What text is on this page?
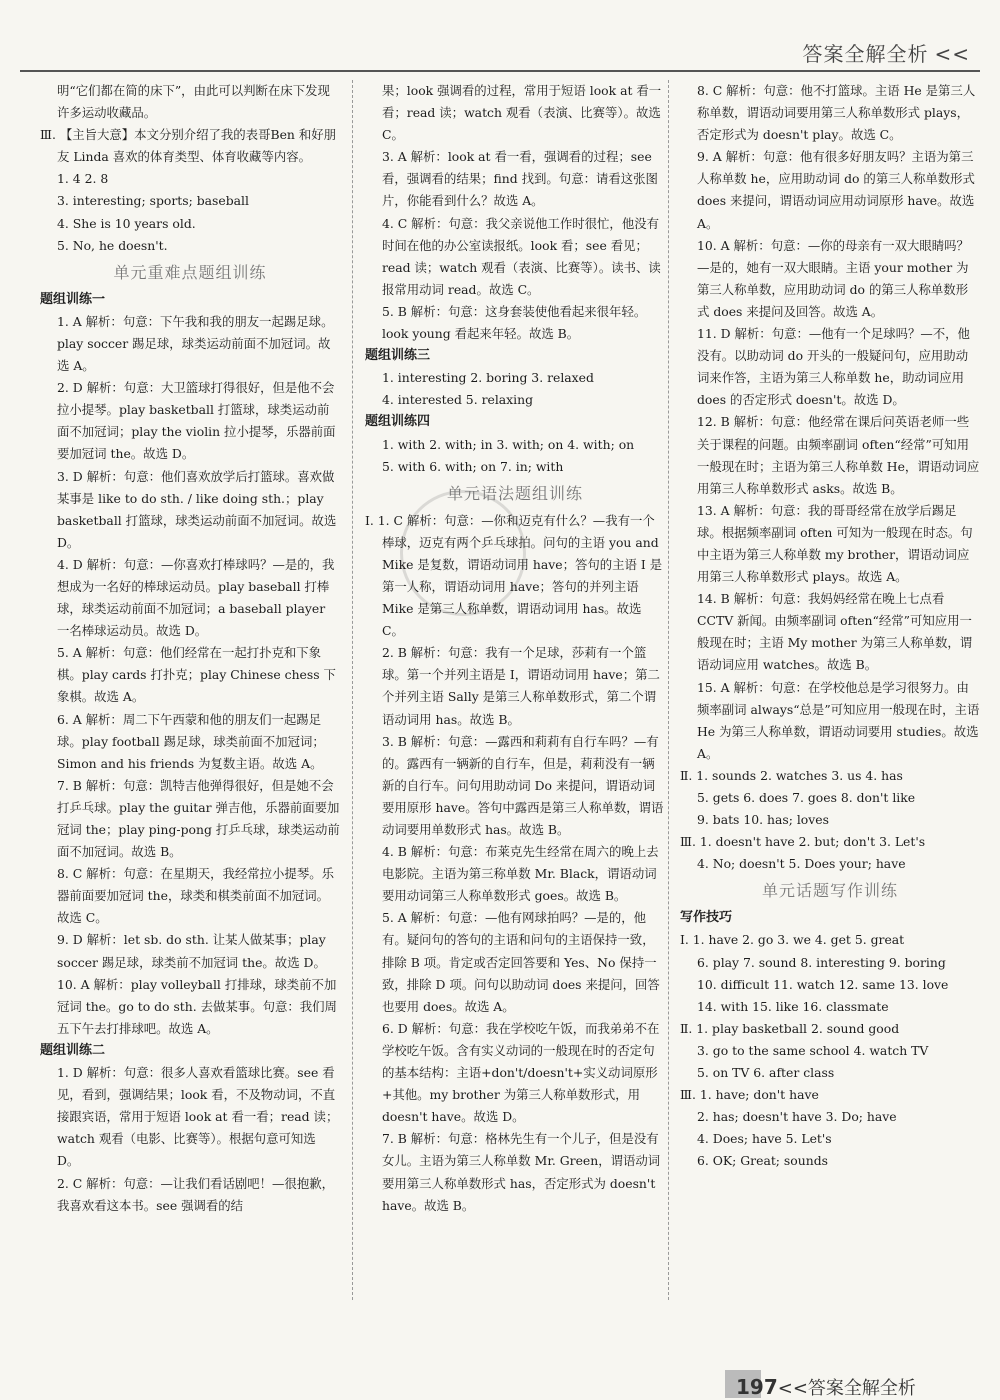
答案全解全析 <<
明“它们都在简的床下”，由此可以判断在床下发现许多运动收藏品。
Ⅲ. 【主旨大意】本文分别介绍了我的表哥Ben 和好朋友 Linda 喜欢的体育类型、体育收藏等内容。
1. 4 2. 8
3. interesting; sports; baseball
4. She is 10 years old.
5. No, he doesn't.
单元重难点题组训练
题组训练一
1. A 解析：句意：下午我和我的朋友一起踢足球。play soccer 踢足球，球类运动前面不加冠词。故选 A。
2. D 解析：句意：大卫篮球打得很好，但是他不会拉小提琴。play basketball 打篮球，球类运动前面不加冠词；play the violin 拉小提琴，乐器前面要加冠词 the。故选 D。
3. D 解析：句意：他们喜欢放学后打篮球。喜欢做某事是 like to do sth. / like doing sth.；play basketball 打篮球，球类运动前面不加冠词。故选 D。
4. D 解析：句意：—你喜欢打棒球吗？—是的，我想成为一名好的棒球运动员。play baseball 打棒球，球类运动前面不加冠词；a baseball player 一名棒球运动员。故选 D。
5. A 解析：句意：他们经常在一起打扑克和下象棋。play cards 打扑克；play Chinese chess 下象棋。故选 A。
6. A 解析：周二下午西蒙和他的朋友们一起踢足球。play football 踢足球，球类前面不加冠词；Simon and his friends 为复数主语。故选 A。
7. B 解析：句意：凯特吉他弹得很好，但是她不会打乒乓球。play the guitar 弹吉他，乐器前面要加冠词 the；play ping-pong 打乒乓球，球类运动前面不加冠词。故选 B。
8. C 解析：句意：在星期天，我经常拉小提琴。乐器前面要加冠词 the，球类和棋类前面不加冠词。故选 C。
9. D 解析：let sb. do sth. 让某人做某事；play soccer 踢足球，球类前不加冠词 the。故选 D。
10. A 解析：play volleyball 打排球，球类前不加冠词 the。go to do sth. 去做某事。句意：我们周五下午去打排球吧。故选 A。
题组训练二
1. D 解析：句意：很多人喜欢看篮球比赛。see 看见，看到，强调结果；look 看，不及物动词，不直接跟宾语，常用于短语 look at 看一看；read 读；watch 观看（电影、比赛等）。根据句意可知选 D。
2. C 解析：句意：—让我们看话剧吧！—很抱歉，我喜欢看这本书。see 强调看的结
果；look 强调看的过程，常用于短语 look at 看一看；read 读；watch 观看（表演、比赛等）。故选 C。
3. A 解析：look at 看一看，强调看的过程；see 看，强调看的结果；find 找到。句意：请看这张图片，你能看到什么？故选 A。
4. C 解析：句意：我父亲说他工作时很忙，他没有时间在他的办公室读报纸。look 看；see 看见；read 读；watch 观看（表演、比赛等）。读书、读报常用动词 read。故选 C。
5. B 解析：句意：这身套装使他看起来很年轻。look young 看起来年轻。故选 B。
题组训练三
1. interesting 2. boring 3. relaxed
4. interested 5. relaxing
题组训练四
1. with 2. with; in 3. with; on 4. with; on
5. with 6. with; on 7. in; with
单元语法题组训练
Ⅰ. 1. C 解析：句意：—你和迈克有什么？—我有一个棒球，迈克有两个乒乓球拍。问句的主语 you and Mike 是复数，谓语动词用 have；答句的主语 I 是第一人称，谓语动词用 have；答句的并列主语 Mike 是第三人称单数，谓语动词用 has。故选 C。
2. B 解析：句意：我有一个足球，莎莉有一个篮球。第一个并列主语是 I，谓语动词用 have；第二个并列主语 Sally 是第三人称单数形式，第二个谓语动词用 has。故选 B。
3. B 解析：句意：—露西和莉莉有自行车吗？—有的。露西有一辆新的自行车，但是，莉莉没有一辆新的自行车。问句用助动词 Do 来提问，谓语动词要用原形 have。答句中露西是第三人称单数，谓语动词要用单数形式 has。故选 B。
4. B 解析：句意：布莱克先生经常在周六的晚上去电影院。主语为第三称单数 Mr. Black，谓语动词要用动词第三人称单数形式 goes。故选 B。
5. A 解析：句意：—他有网球拍吗？—是的，他有。疑问句的答句的主语和问句的主语保持一致，排除 B 项。肯定或否定回答要和 Yes、No 保持一致，排除 D 项。问句以助动词 does 来提问，回答也要用 does。故选 A。
6. D 解析：句意：我在学校吃午饭，而我弟弟不在学校吃午饭。含有实义动词的一般现在时的否定句的基本结构：主语+don't/doesn't+实义动词原形+其他。my brother 为第三人称单数形式，用 doesn't have。故选 D。
7. B 解析：句意：格林先生有一个儿子，但是没有女儿。主语为第三人称单数 Mr. Green，谓语动词要用第三人称单数形式 has，否定形式为 doesn't have。故选 B。
8. C 解析：句意：他不打篮球。主语 He 是第三人称单数，谓语动词要用第三人称单数形式 plays，否定形式为 doesn't play。故选 C。
9. A 解析：句意：他有很多好朋友吗？主语为第三人称单数 he，应用助动词 do 的第三人称单数形式 does 来提问，谓语动词应用动词原形 have。故选 A。
10. A 解析：句意：—你的母亲有一双大眼睛吗？—是的，她有一双大眼睛。主语 your mother 为第三人称单数，应用助动词 do 的第三人称单数形式 does 来提问及回答。故选 A。
11. D 解析：句意：—他有一个足球吗？—不，他没有。以助动词 do 开头的一般疑问句，应用助动词来作答，主语为第三人称单数 he，助动词应用 does 的否定形式 doesn't。故选 D。
12. B 解析：句意：他经常在课后问英语老师一些关于课程的问题。由频率副词 often“经常”可知用一般现在时；主语为第三人称单数 He，谓语动词应用第三人称单数形式 asks。故选 B。
13. A 解析：句意：我的哥哥经常在放学后踢足球。根据频率副词 often 可知为一般现在时态。句中主语为第三人称单数 my brother，谓语动词应用第三人称单数形式 plays。故选 A。
14. B 解析：句意：我妈妈经常在晚上七点看 CCTV 新闻。由频率副词 often“经常”可知应用一般现在时；主语 My mother 为第三人称单数，谓语动词应用 watches。故选 B。
15. A 解析：句意：在学校他总是学习很努力。由频率副词 always“总是”可知应用一般现在时，主语 He 为第三人称单数，谓语动词要用 studies。故选 A。
Ⅱ. 1. sounds 2. watches 3. us 4. has
5. gets 6. does 7. goes 8. don't like
9. bats 10. has; loves
Ⅲ. 1. doesn't have 2. but; don't 3. Let's
4. No; doesn't 5. Does your; have
单元话题写作训练
写作技巧
Ⅰ. 1. have 2. go 3. we 4. get 5. great
6. play 7. sound 8. interesting 9. boring
10. difficult 11. watch 12. same 13. love
14. with 15. like 16. classmate
Ⅱ. 1. play basketball 2. sound good
3. go to the same school 4. watch TV
5. on TV 6. after class
Ⅲ. 1. have; don't have
2. has; doesn't have 3. Do; have
4. Does; have 5. Let's
6. OK; Great; sounds
197<<答案全解全析
